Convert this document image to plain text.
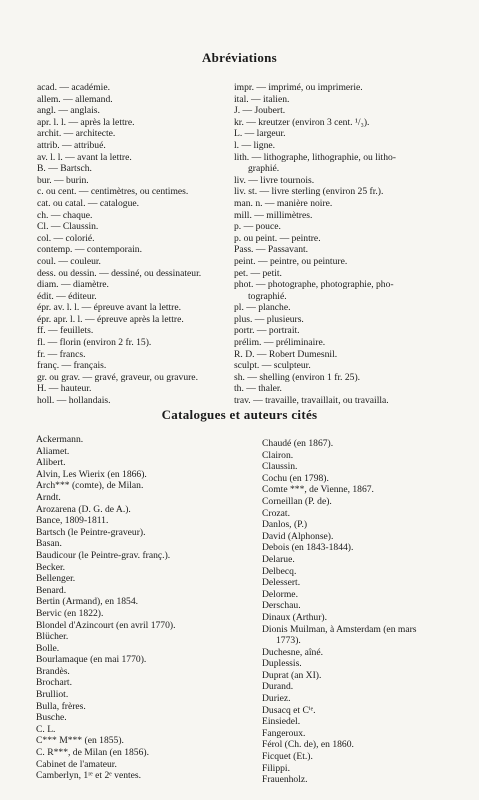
Abréviations
acad. — académie.
allem. — allemand.
angl. — anglais.
apr. l. l. — après la lettre.
archit. — architecte.
attrib. — attribué.
av. l. l. — avant la lettre.
B. — Bartsch.
bur. — burin.
c. ou cent. — centimètres, ou centimes.
cat. ou catal. — catalogue.
ch. — chaque.
Cl. — Claussin.
col. — colorié.
contemp. — contemporain.
coul. — couleur.
dess. ou dessin. — dessiné, ou dessinateur.
diam. — diamètre.
édit. — éditeur.
épr. av. l. l. — épreuve avant la lettre.
épr. apr. l. l. — épreuve après la lettre.
ff. — feuillets.
fl. — florin (environ 2 fr. 15).
fr. — francs.
franç. — français.
gr. ou grav. — gravé, graveur, ou gravure.
H. — hauteur.
holl. — hollandais.
impr. — imprimé, ou imprimerie.
ital. — italien.
J. — Joubert.
kr. — kreutzer (environ 3 cent. ¹/₃).
L. — largeur.
l. — ligne.
lith. — lithographe, lithographie, ou litho-
graphié.
liv. — livre tournois.
liv. st. — livre sterling (environ 25 fr.).
man. n. — manière noire.
mill. — millimètres.
p. — pouce.
p. ou peint. — peintre.
Pass. — Passavant.
peint. — peintre, ou peinture.
pet. — petit.
phot. — photographe, photographie, pho-
tographié.
pl. — planche.
plus. — plusieurs.
portr. — portrait.
prélim. — préliminaire.
R. D. — Robert Dumesnil.
sculpt. — sculpteur.
sh. — shelling (environ 1 fr. 25).
th. — thaler.
trav. — travaille, travaillait, ou travailla.
Catalogues et auteurs cités
Ackermann.
Aliamet.
Alibert.
Alvin, Les Wierix (en 1866).
Arch*** (comte), de Milan.
Arndt.
Arozarena (D. G. de A.).
Bance, 1809-1811.
Bartsch (le Peintre-graveur).
Basan.
Baudicour (le Peintre-grav. franç.).
Becker.
Bellenger.
Benard.
Bertin (Armand), en 1854.
Bervic (en 1822).
Blondel d'Azincourt (en avril 1770).
Blücher.
Bolle.
Bourlamaque (en mai 1770).
Brandès.
Brochart.
Brulliot.
Bulla, frères.
Busche.
C. L.
C*** M*** (en 1855).
C. R***, de Milan (en 1856).
Cabinet de l'amateur.
Camberlyn, 1ʳᵉ et 2ᵉ ventes.
Chaudé (en 1867).
Clairon.
Claussin.
Cochu (en 1798).
Comte ***, de Vienne, 1867.
Corneillan (P. de).
Crozat.
Danlos, (P.)
David (Alphonse).
Debois (en 1843-1844).
Delarue.
Delbecq.
Delessert.
Delorme.
Derschau.
Dinaux (Arthur).
Dionis Muilman, à Amsterdam (en mars
1773).
Duchesne, aîné.
Duplessis.
Duprat (an XI).
Durand.
Duriez.
Dusacq et Cⁱᵉ.
Einsiedel.
Fangeroux.
Férol (Ch. de), en 1860.
Ficquet (Et.).
Filippi.
Frauenholz.
